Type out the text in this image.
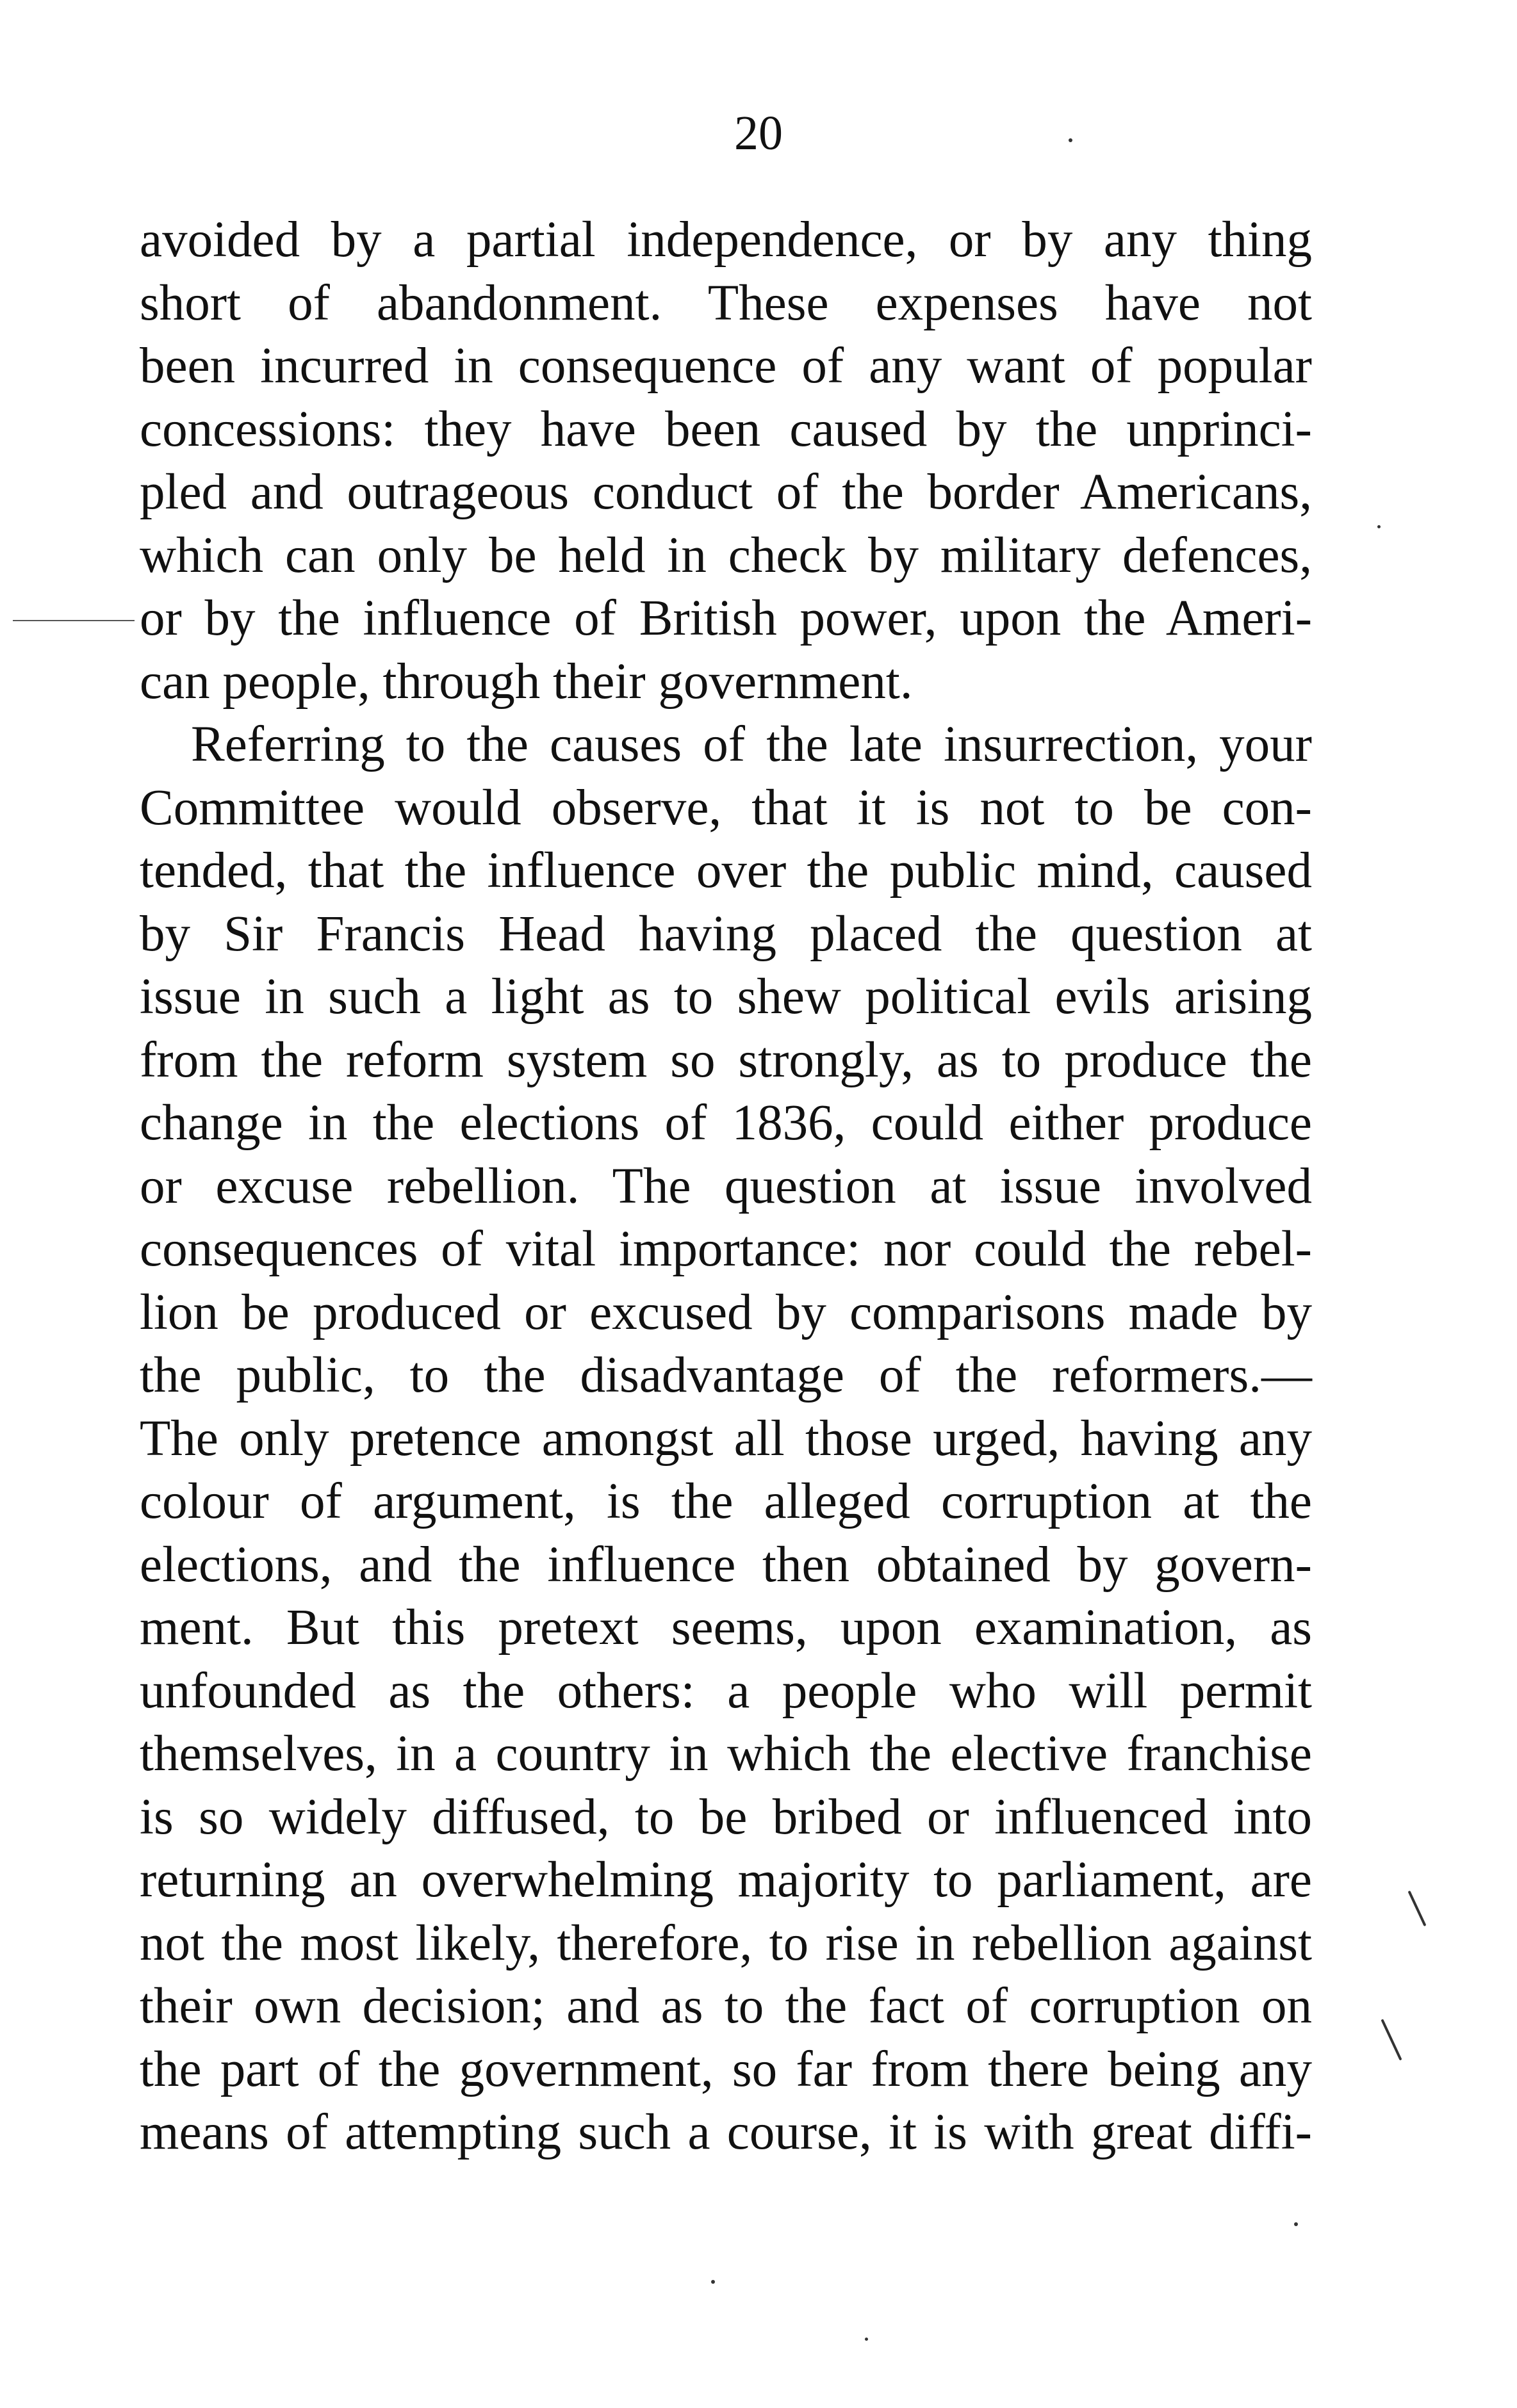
20
avoided by a partial independence, or by any thing
short of abandonment. These expenses have not
been incurred in consequence of any want of popular
concessions: they have been caused by the unprinci-
pled and outrageous conduct of the border Americans,
which can only be held in check by military defences,
or by the influence of British power, upon the Ameri-
can people, through their government.
Referring to the causes of the late insurrection, your
Committee would observe, that it is not to be con-
tended, that the influence over the public mind, caused
by Sir Francis Head having placed the question at
issue in such a light as to shew political evils arising
from the reform system so strongly, as to produce the
change in the elections of 1836, could either produce
or excuse rebellion. The question at issue involved
consequences of vital importance: nor could the rebel-
lion be produced or excused by comparisons made by
the public, to the disadvantage of the reformers.—
The only pretence amongst all those urged, having any
colour of argument, is the alleged corruption at the
elections, and the influence then obtained by govern-
ment. But this pretext seems, upon examination, as
unfounded as the others: a people who will permit
themselves, in a country in which the elective franchise
is so widely diffused, to be bribed or influenced into
returning an overwhelming majority to parliament, are
not the most likely, therefore, to rise in rebellion against
their own decision; and as to the fact of corruption on
the part of the government, so far from there being any
means of attempting such a course, it is with great diffi-
